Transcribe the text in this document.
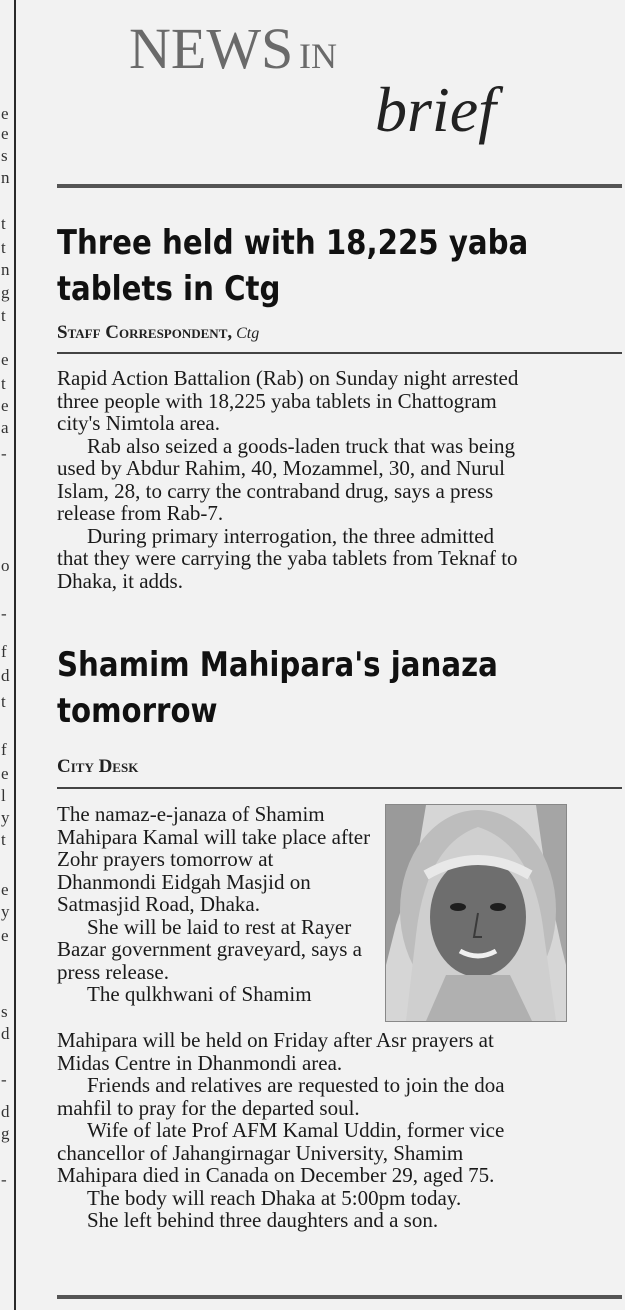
e
e
s
n
t
t
n
g
t
e
t
e
a
-
o
-
f
d
t
f
e
l
y
t
e
y
e
s
d
-
d
g
-
NEWS IN
brief
Three held with 18,225 yaba
tablets in Ctg
Staff Correspondent, Ctg

Rapid Action Battalion (Rab) on Sunday night arrested
three people with 18,225 yaba tablets in Chattogram
city's Nimtola area.

Rab also seized a goods-laden truck that was being
used by Abdur Rahim, 40, Mozammel, 30, and Nurul
Islam, 28, to carry the contraband drug, says a press
release from Rab-7.

During primary interrogation, the three admitted
that they were carrying the yaba tablets from Teknaf to
Dhaka, it adds.

Shamim Mahipara's janaza
tomorrow
City Desk

The namaz-e-janaza of Shamim
Mahipara Kamal will take place after
Zohr prayers tomorrow at
Dhanmondi Eidgah Masjid on
Satmasjid Road, Dhaka.

She will be laid to rest at Rayer
Bazar government graveyard, says a
press release.

The qulkhwani of Shamim

Mahipara will be held on Friday after Asr prayers at
Midas Centre in Dhanmondi area.

Friends and relatives are requested to join the doa
mahfil to pray for the departed soul.

Wife of late Prof AFM Kamal Uddin, former vice
chancellor of Jahangirnagar University, Shamim
Mahipara died in Canada on December 29, aged 75.

The body will reach Dhaka at 5:00pm today.

She left behind three daughters and a son.
